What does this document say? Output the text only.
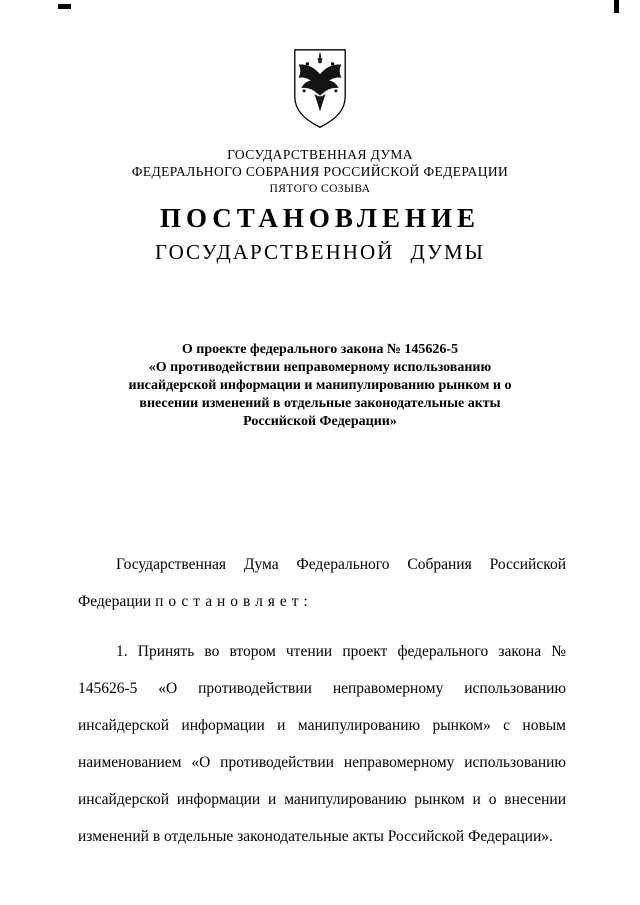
ГОСУДАРСТВЕННАЯ ДУМА
ФЕДЕРАЛЬНОГО СОБРАНИЯ РОССИЙСКОЙ ФЕДЕРАЦИИ
ПЯТОГО СОЗЫВА
ПОСТАНОВЛЕНИЕ
ГОСУДАРСТВЕННОЙ ДУМЫ
О проекте федерального закона № 145626-5
«О противодействии неправомерному использованию инсайдерской информации и манипулированию рынком и о внесении изменений в отдельные законодательные акты Российской Федерации»

Государственная Дума Федерального Собрания Российской Федерации постановляет:

1. Принять во втором чтении проект федерального закона № 145626-5 «О противодействии неправомерному использованию инсайдерской информации и манипулированию рынком» с новым наименованием «О противодействии неправомерному использованию инсайдерской информации и манипулированию рынком и о внесении изменений в отдельные законодательные акты Российской Федерации».
